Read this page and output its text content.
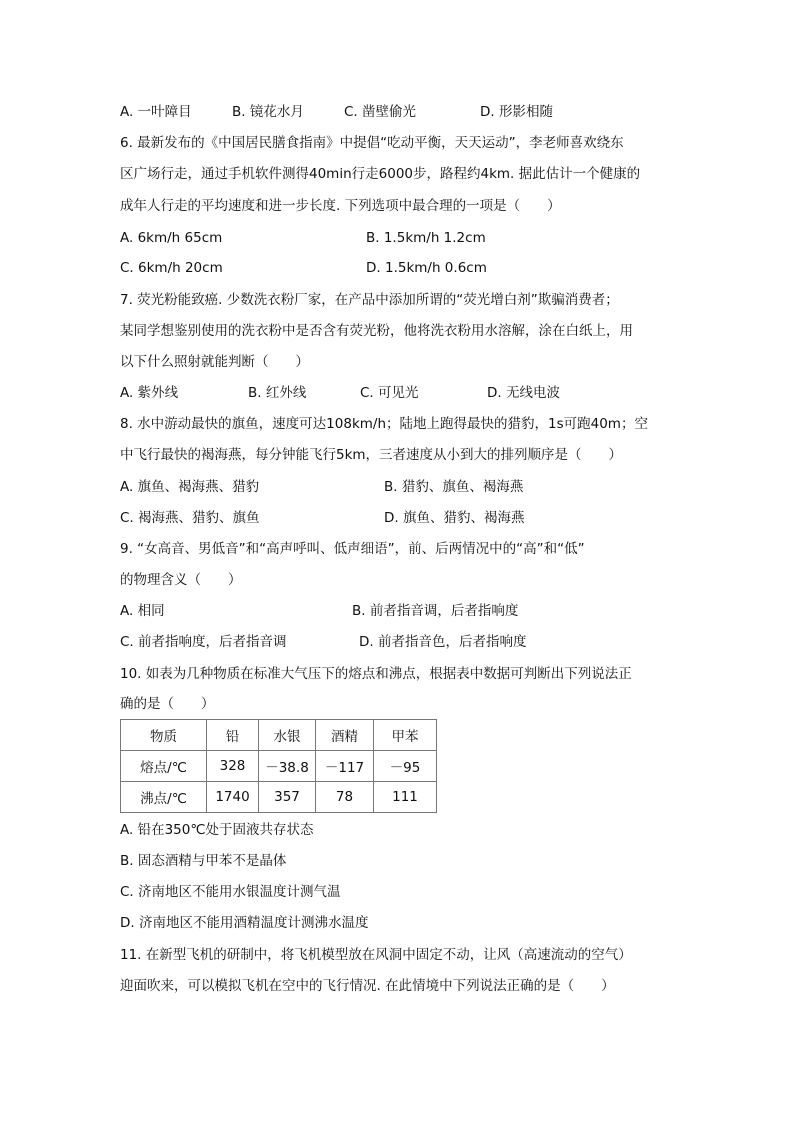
A. 一叶障目	B. 镜花水月	C. 凿壁偷光	D. 形影相随
6. 最新发布的《中国居民膳食指南》中提倡“吃动平衡，天天运动”，李老师喜欢绕东
区广场行走，通过手机软件测得40min行走6000步，路程约4km. 据此估计一个健康的
成年人行走的平均速度和进一步长度. 下列选项中最合理的一项是（　　）
A. 6km/h 65cm	B. 1.5km/h 1.2cm
C. 6km/h 20cm	D. 1.5km/h 0.6cm
7. 荧光粉能致癌. 少数洗衣粉厂家，在产品中添加所谓的“荧光增白剂”欺骗消费者；
某同学想鉴别使用的洗衣粉中是否含有荧光粉，他将洗衣粉用水溶解，涂在白纸上，用
以下什么照射就能判断（　　）
A. 紫外线	B. 红外线	C. 可见光	D. 无线电波
8. 水中游动最快的旗鱼，速度可达108km/h；陆地上跑得最快的猎豹，1s可跑40m；空
中飞行最快的褐海燕，每分钟能飞行5km，三者速度从小到大的排列顺序是（　　）
A. 旗鱼、褐海燕、猎豹	B. 猎豹、旗鱼、褐海燕
C. 褐海燕、猎豹、旗鱼	D. 旗鱼、猎豹、褐海燕
9. “女高音、男低音”和“高声呼叫、低声细语”，前、后两情况中的“高”和“低”
的物理含义（　　）
A. 相同	B. 前者指音调，后者指响度
C. 前者指响度，后者指音调	D. 前者指音色，后者指响度
10. 如表为几种物质在标准大气压下的熔点和沸点，根据表中数据可判断出下列说法正
确的是（　　）
物质	铅	水银	酒精	甲苯
熔点/℃	328	－38.8	－117	－95
沸点/℃	1740	357	78	111
A. 铅在350℃处于固液共存状态
B. 固态酒精与甲苯不是晶体
C. 济南地区不能用水银温度计测气温
D. 济南地区不能用酒精温度计测沸水温度
11. 在新型飞机的研制中，将飞机模型放在风洞中固定不动，让风（高速流动的空气）
迎面吹来，可以模拟飞机在空中的飞行情况. 在此情境中下列说法正确的是（　　）
